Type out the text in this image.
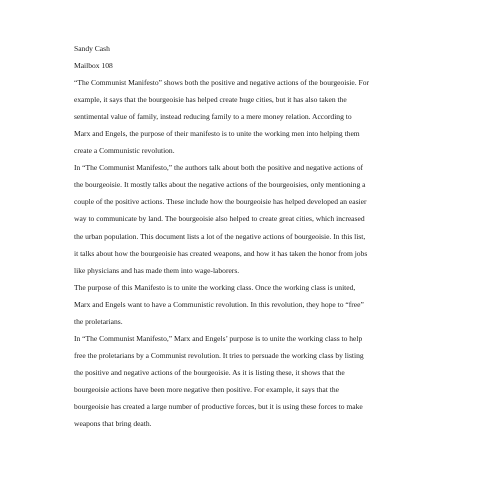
Sandy Cash
Mailbox 108
“The Communist Manifesto” shows both the positive and negative actions of the bourgeoisie. For
example, it says that the bourgeoisie has helped create huge cities, but it has also taken the
sentimental value of family, instead reducing family to a mere money relation. According to
Marx and Engels, the purpose of their manifesto is to unite the working men into helping them
create a Communistic revolution.
In “The Communist Manifesto,” the authors talk about both the positive and negative actions of
the bourgeoisie. It mostly talks about the negative actions of the bourgeoisies, only mentioning a
couple of the positive actions. These include how the bourgeoisie has helped developed an easier
way to communicate by land. The bourgeoisie also helped to create great cities, which increased
the urban population. This document lists a lot of the negative actions of bourgeoisie. In this list,
it talks about how the bourgeoisie has created weapons, and how it has taken the honor from jobs
like physicians and has made them into wage-laborers.
The purpose of this Manifesto is to unite the working class. Once the working class is united,
Marx and Engels want to have a Communistic revolution. In this revolution, they hope to “free”
the proletarians.
In “The Communist Manifesto,” Marx and Engels’ purpose is to unite the working class to help
free the proletarians by a Communist revolution. It tries to persuade the working class by listing
the positive and negative actions of the bourgeoisie. As it is listing these, it shows that the
bourgeoisie actions have been more negative then positive. For example, it says that the
bourgeoisie has created a large number of productive forces, but it is using these forces to make
weapons that bring death.
